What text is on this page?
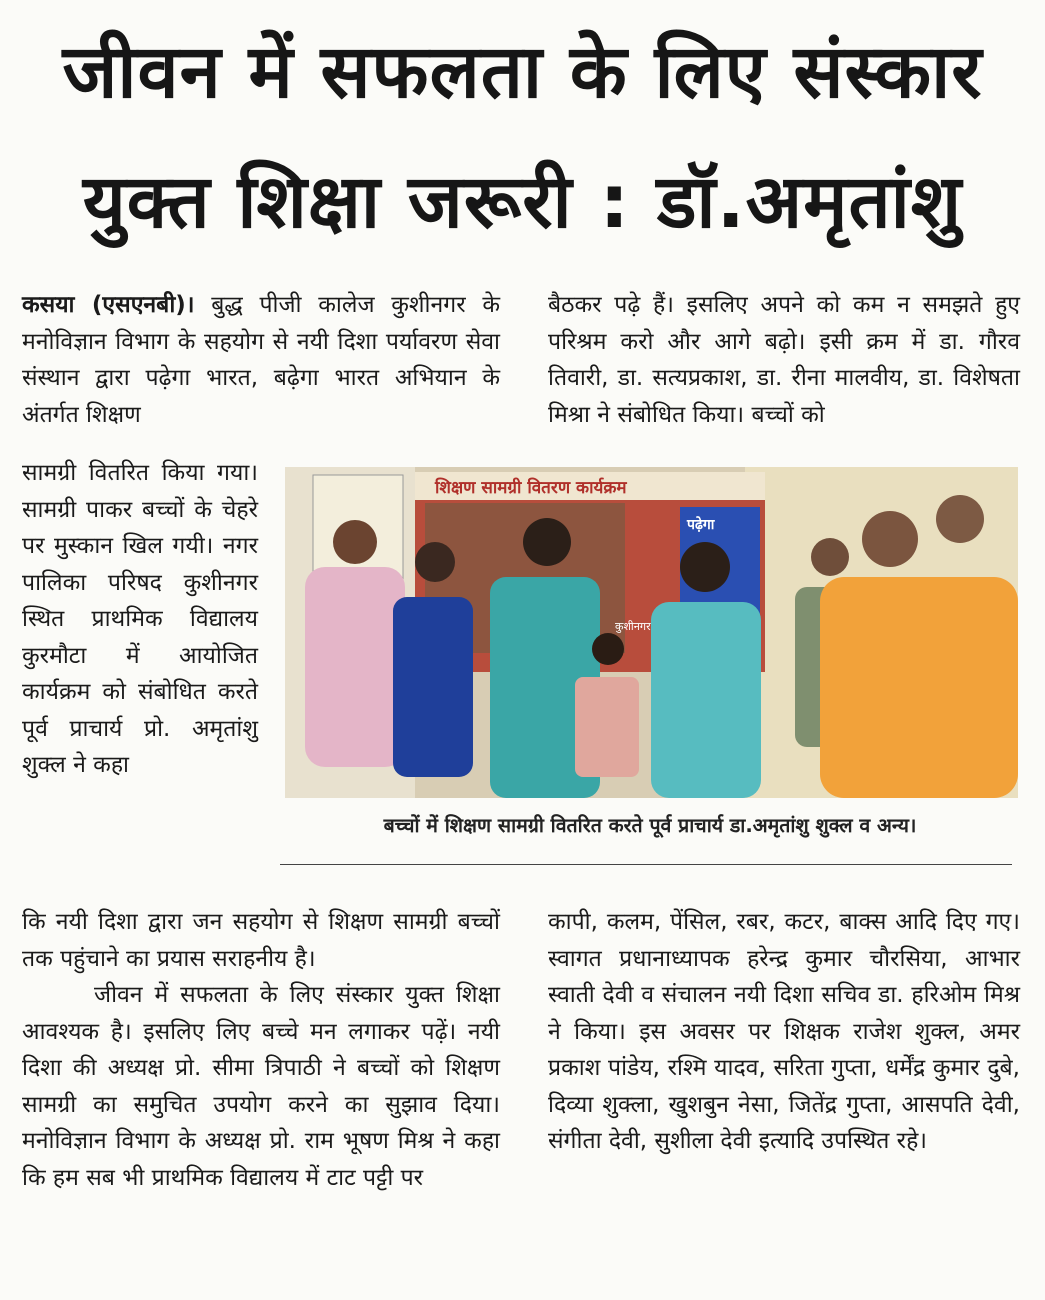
जीवन में सफलता के लिए संस्कार
युक्त शिक्षा जरूरी : डॉ.अमृतांशु

कसया (एसएनबी)। बुद्ध पीजी कालेज कुशीनगर के मनोविज्ञान विभाग के सहयोग से नयी दिशा पर्यावरण सेवा संस्थान द्वारा पढ़ेगा भारत, बढ़ेगा भारत अभियान के अंतर्गत शिक्षण

सामग्री वितरित किया गया। सामग्री पाकर बच्चों के चेहरे पर मुस्कान खिल गयी। नगर पालिका परिषद कुशीनगर स्थित प्राथमिक विद्यालय कुरमौटा में आयोजित कार्यक्रम को संबोधित करते पूर्व प्राचार्य प्रो. अमृतांशु शुक्ल ने कहा

कि नयी दिशा द्वारा जन सहयोग से शिक्षण सामग्री बच्चों तक पहुंचाने का प्रयास सराहनीय है।

जीवन में सफलता के लिए संस्कार युक्त शिक्षा आवश्यक है। इसलिए लिए बच्चे मन लगाकर पढ़ें। नयी दिशा की अध्यक्ष प्रो. सीमा त्रिपाठी ने बच्चों को शिक्षण सामग्री का समुचित उपयोग करने का सुझाव दिया। मनोविज्ञान विभाग के अध्यक्ष प्रो. राम भूषण मिश्र ने कहा कि हम सब भी प्राथमिक विद्यालय में टाट पट्टी पर

बैठकर पढ़े हैं। इसलिए अपने को कम न समझते हुए परिश्रम करो और आगे बढ़ो। इसी क्रम में डा. गौरव तिवारी, डा. सत्यप्रकाश, डा. रीना मालवीय, डा. विशेषता मिश्रा ने संबोधित किया। बच्चों को

कापी, कलम, पेंसिल, रबर, कटर, बाक्स आदि दिए गए। स्वागत प्रधानाध्यापक हरेन्द्र कुमार चौरसिया, आभार स्वाती देवी व संचालन नयी दिशा सचिव डा. हरिओम मिश्र ने किया। इस अवसर पर शिक्षक राजेश शुक्ल, अमर प्रकाश पांडेय, रश्मि यादव, सरिता गुप्ता, धर्मेंद्र कुमार दुबे, दिव्या शुक्ला, खुशबुन नेसा, जितेंद्र गुप्ता, आसपति देवी, संगीता देवी, सुशीला देवी इत्यादि उपस्थित रहे।

शिक्षण सामग्री वितरण कार्यक्रम
पढ़ेगा
कुशीनगर
बच्चों में शिक्षण सामग्री वितरित करते पूर्व प्राचार्य डा.अमृतांशु शुक्ल व अन्य।
